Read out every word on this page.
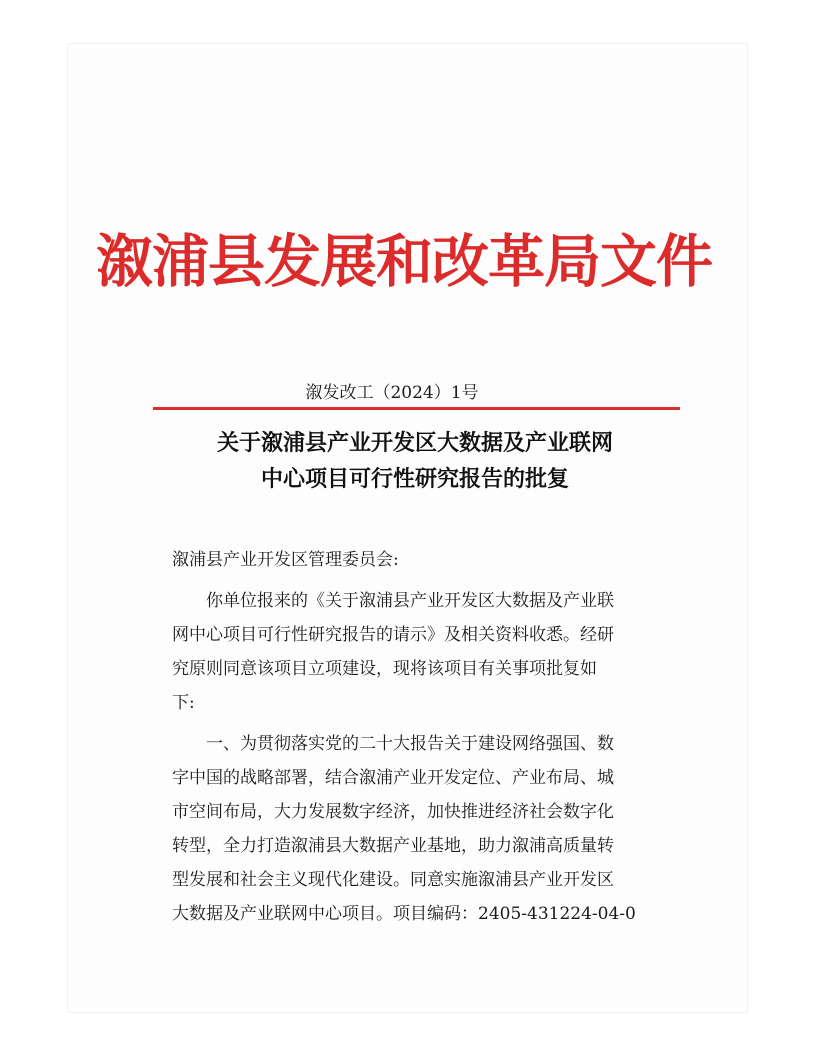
溆浦县发展和改革局文件
溆发改工（2024）1号
关于溆浦县产业开发区大数据及产业联网
中心项目可行性研究报告的批复
溆浦县产业开发区管理委员会:
你单位报来的《关于溆浦县产业开发区大数据及产业联
网中心项目可行性研究报告的请示》及相关资料收悉。经研
究原则同意该项目立项建设，现将该项目有关事项批复如
下:
一、为贯彻落实党的二十大报告关于建设网络强国、数
字中国的战略部署，结合溆浦产业开发定位、产业布局、城
市空间布局，大力发展数字经济，加快推进经济社会数字化
转型，全力打造溆浦县大数据产业基地，助力溆浦高质量转
型发展和社会主义现代化建设。同意实施溆浦县产业开发区
大数据及产业联网中心项目。项目编码：2405-431224-04-0
